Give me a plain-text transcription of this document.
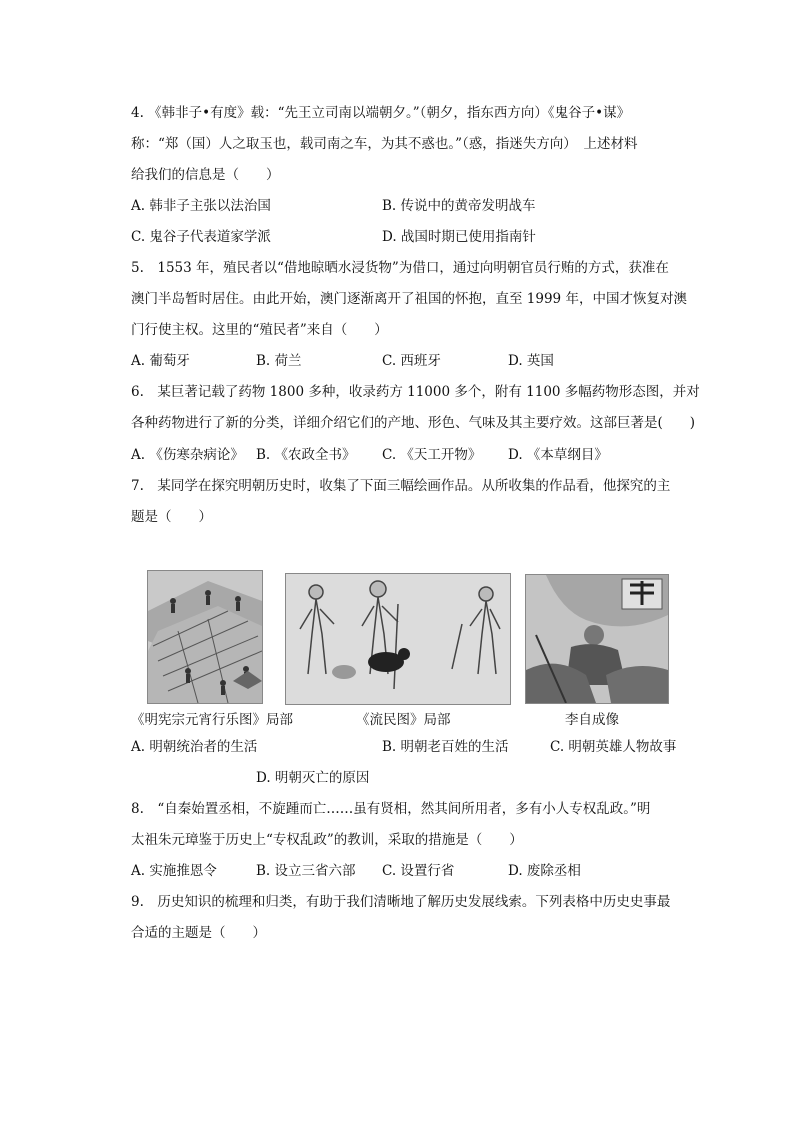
4. 《韩非子•有度》载：“先王立司南以端朝夕。”（朝夕，指东西方向）《鬼谷子•谋》
称：“郑（国）人之取玉也，载司南之车，为其不惑也。”（惑，指迷失方向）　上述材料
给我们的信息是（　　）
A. 韩非子主张以法治国	B. 传说中的黄帝发明战车
C. 鬼谷子代表道家学派	D. 战国时期已使用指南针
5.　1553 年，殖民者以“借地晾晒水浸货物”为借口，通过向明朝官员行贿的方式，获准在
澳门半岛暂时居住。由此开始，澳门逐渐离开了祖国的怀抱，直至 1999 年，中国才恢复对澳
门行使主权。这里的“殖民者”来自（　　）
A. 葡萄牙	B. 荷兰	C. 西班牙	D. 英国
6.　某巨著记载了药物 1800 多种，收录药方 11000 多个，附有 1100 多幅药物形态图，并对
各种药物进行了新的分类，详细介绍它们的产地、形色、气味及其主要疗效。这部巨著是(　　)
A. 《伤寒杂病论》 B. 《农政全书》 C. 《天工开物》 D. 《本草纲目》
7.　某同学在探究明朝历史时，收集了下面三幅绘画作品。从所收集的作品看，他探究的主
题是（　　）
《明宪宗元宵行乐图》局部	《流民图》局部	李自成像
A. 明朝统治者的生活	B. 明朝老百姓的生活	C. 明朝英雄人物故事
D. 明朝灭亡的原因
8.　“自秦始置丞相，不旋踵而亡……虽有贤相，然其间所用者，多有小人专权乱政。”明
太祖朱元璋鉴于历史上“专权乱政”的教训，采取的措施是（　　）
A. 实施推恩令	B. 设立三省六部 C. 设置行省	D. 废除丞相
9.　历史知识的梳理和归类，有助于我们清晰地了解历史发展线索。下列表格中历史史事最
合适的主题是（　　）
